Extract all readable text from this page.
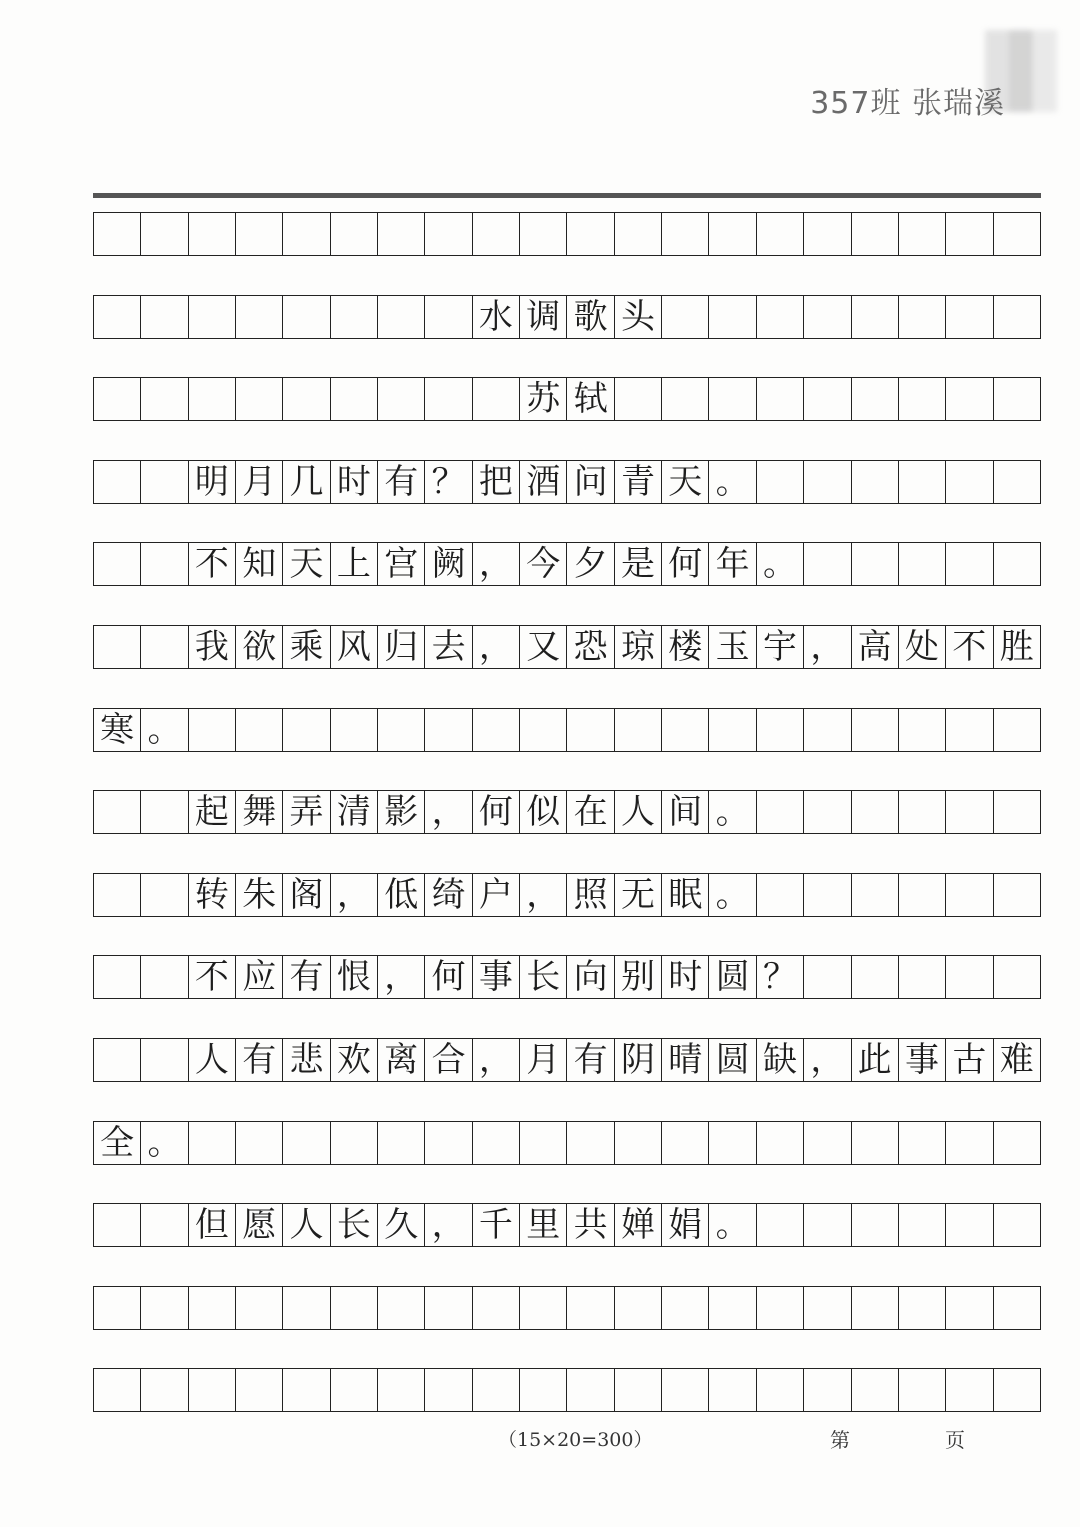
357班 张瑞溪
水 调 歌 头
苏 轼
明 月 几 时 有 ？ 把 酒 问 青 天 。
不 知 天 上 宫 阙 ， 今 夕 是 何 年 。
我 欲 乘 风 归 去 ， 又 恐 琼 楼 玉 宇 ， 高 处 不 胜
寒 。
起 舞 弄 清 影 ， 何 似 在 人 间 。
转 朱 阁 ， 低 绮 户 ， 照 无 眠 。
不 应 有 恨 ， 何 事 长 向 别 时 圆 ？
人 有 悲 欢 离 合 ， 月 有 阴 晴 圆 缺 ， 此 事 古 难
全 。
但 愿 人 长 久 ， 千 里 共 婵 娟 。
（15×20=300）	第	页
